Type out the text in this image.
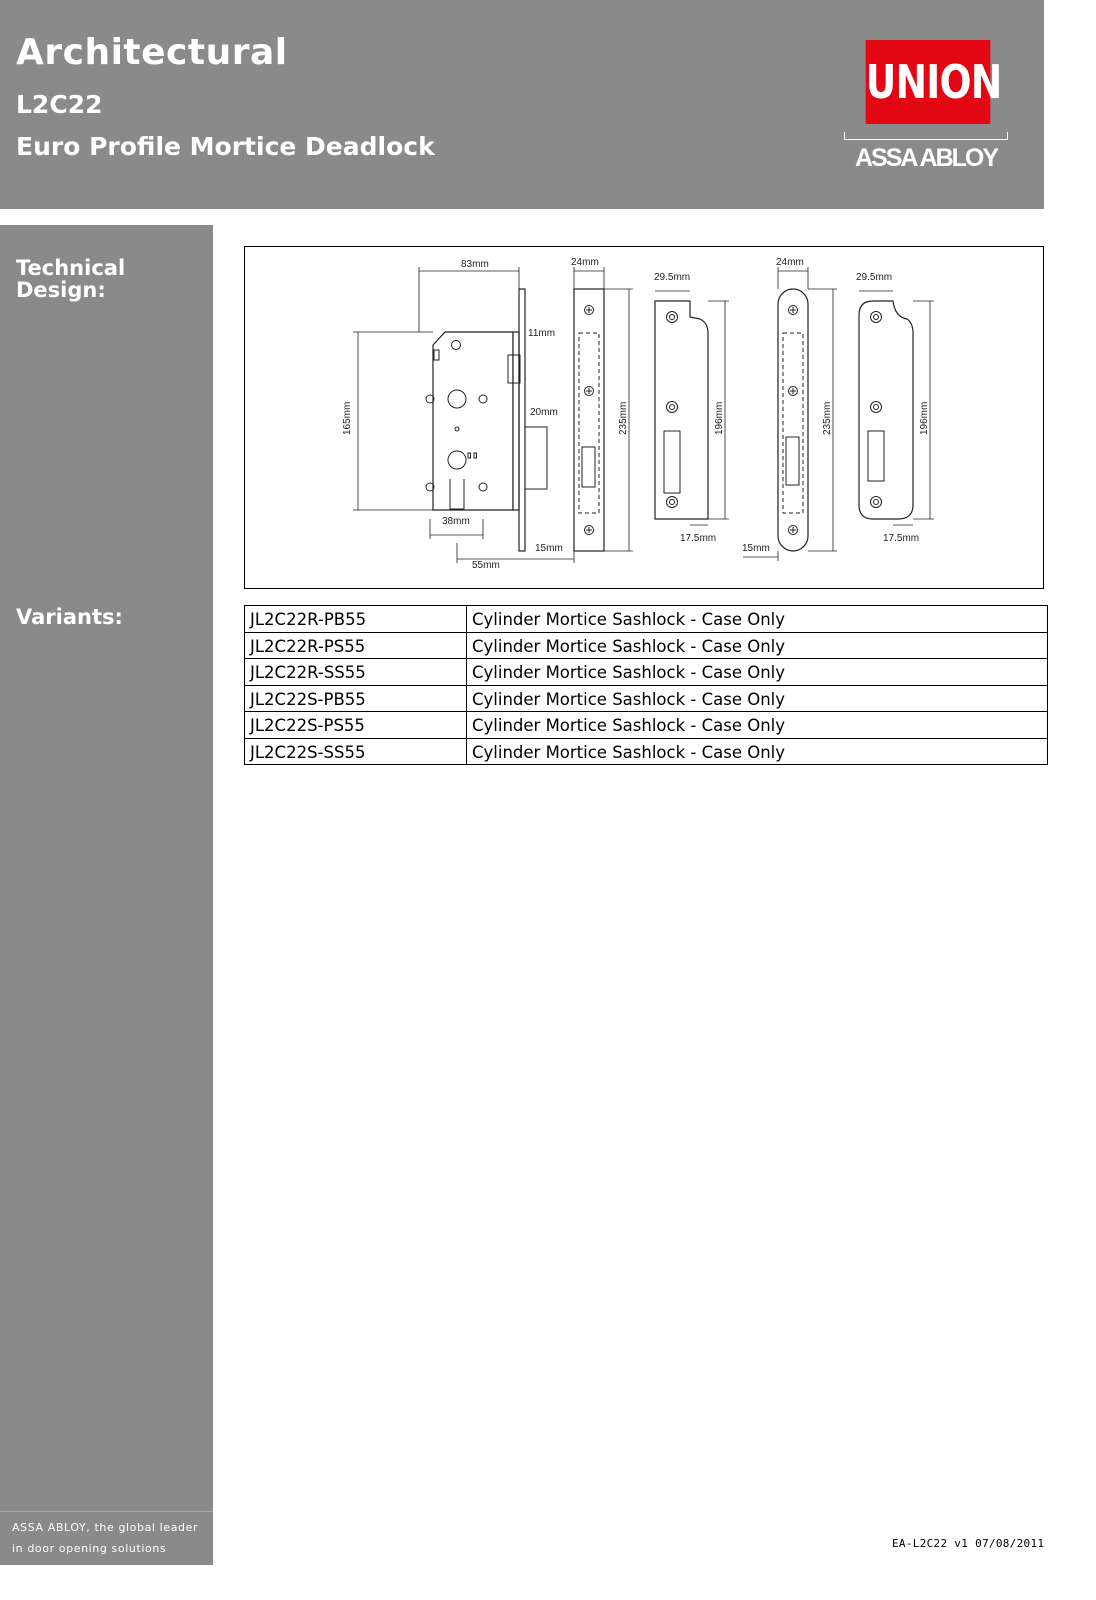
Architectural
L2C22
Euro Profile Mortice Deadlock
UNION
ASSA ABLOY
Technical
Design:
Variants:
ASSA ABLOY, the global leader
in door opening solutions
83mm	24mm
29.5mm
24mm
29.5mm
11mm
20mm
165mm	235mm	196mm	235mm	196mm
38mm
55mm
15mm
17.5mm
15mm
17.5mm
JL2C22R-PB55	Cylinder Mortice Sashlock - Case Only
JL2C22R-PS55	Cylinder Mortice Sashlock - Case Only
JL2C22R-SS55	Cylinder Mortice Sashlock - Case Only
JL2C22S-PB55	Cylinder Mortice Sashlock - Case Only
JL2C22S-PS55	Cylinder Mortice Sashlock - Case Only
JL2C22S-SS55	Cylinder Mortice Sashlock - Case Only
EA-L2C22 v1 07/08/2011
